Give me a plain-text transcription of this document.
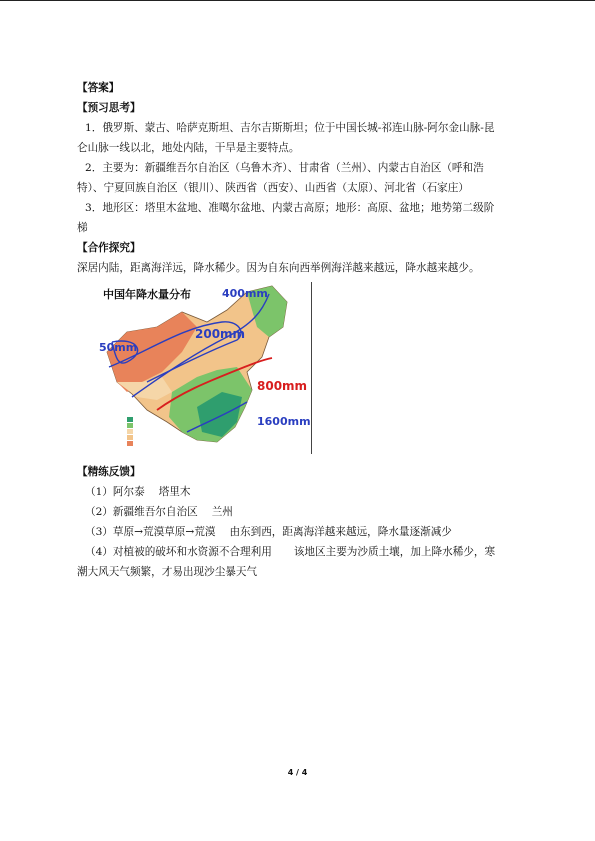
【答案】
【预习思考】
1．俄罗斯、蒙古、哈萨克斯坦、吉尔吉斯斯坦；位于中国长城-祁连山脉-阿尔金山脉-昆
仑山脉一线以北，地处内陆，干旱是主要特点。
2．主要为：新疆维吾尔自治区（乌鲁木齐）、甘肃省（兰州）、内蒙古自治区（呼和浩
特）、宁夏回族自治区（银川）、陕西省（西安）、山西省（太原）、河北省（石家庄）
3．地形区：塔里木盆地、准噶尔盆地、内蒙古高原；地形：高原、盆地；地势第二级阶
梯
【合作探究】
深居内陆，距离海洋远，降水稀少。因为自东向西举例海洋越来越远，降水越来越少。
中国年降水量分布	400mm
200mm
50mm
800mm
1600mm
【精练反馈】
（1）阿尔泰 塔里木
（2）新疆维吾尔自治区 兰州
（3）草原→荒漠草原→荒漠 由东到西，距离海洋越来越远，降水量逐渐减少
（4）对植被的破坏和水资源不合理利用 该地区主要为沙质土壤，加上降水稀少，寒
潮大风天气频繁，才易出现沙尘暴天气
4 / 4
